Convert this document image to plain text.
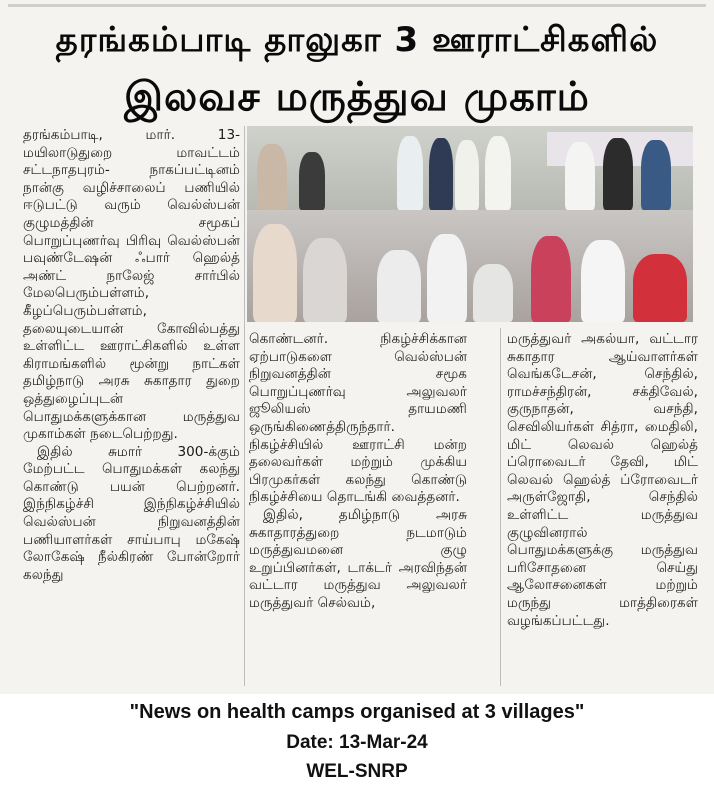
தரங்கம்பாடி தாலுகா 3 ஊராட்சிகளில்
இலவச மருத்துவ முகாம்

தரங்கம்பாடி, மார். 13- மயிலாடுதுறை மாவட்டம் சட்டநாதபுரம்- நாகப்பட்டினம் நான்கு வழிச்சாலைப் பணியில் ஈடுபட்டு வரும் வெல்ஸ்பன் குழுமத்தின் சமூகப் பொறுப்புணர்வு பிரிவு வெல்ஸ்பன் பவுண்டேஷன் ஃபார் ஹெல்த் அண்ட் நாலேஜ் சார்பில் மேலபெரும்பள்ளம், கீழப்பெரும்பள்ளம், தலையுடையான் கோவில்பத்து உள்ளிட்ட ஊராட்சிகளில் உள்ள கிராமங்களில் மூன்று நாட்கள் தமிழ்நாடு அரசு சுகாதார துறை ஒத்துழைப்புடன் பொதுமக்களுக்கான மருத்துவ முகாம்கள் நடைபெற்றது.

இதில் சுமார் 300-க்கும் மேற்பட்ட பொதுமக்கள் கலந்து கொண்டு பயன் பெற்றனர். இந்நிகழ்ச்சி இந்நிகழ்ச்சியில் வெல்ஸ்பன் நிறுவனத்தின் பணியாளர்கள் சாய்பாபு மகேஷ் லோகேஷ் நீல்கிரண் போன்றோர் கலந்து

கொண்டனர். நிகழ்ச்சிக்கான ஏற்பாடுகளை வெல்ஸ்பன் நிறுவனத்தின் சமூக பொறுப்புணர்வு அலுவலர் ஜூலியஸ் தாயமணி ஒருங்கிணைத்திருந்தார். நிகழ்ச்சியில் ஊராட்சி மன்ற தலைவர்கள் மற்றும் முக்கிய பிரமுகர்கள் கலந்து கொண்டு நிகழ்ச்சியை தொடங்கி வைத்தனர்.

இதில், தமிழ்நாடு அரசு சுகாதாரத்துறை நடமாடும் மருத்துவமனை குழு உறுப்பினர்கள், டாக்டர் அரவிந்தன் வட்டார மருத்துவ அலுவலர் மருத்துவர் செல்வம்,

மருத்துவர் அகல்யா, வட்டார சுகாதார ஆய்வாளர்கள் வெங்கடேசன், செந்தில், ராமச்சந்திரன், சக்திவேல், குருநாதன், வசந்தி, செவிலியர்கள் சித்ரா, மைதிலி, மிட் லெவல் ஹெல்த் ப்ரொவைடர் தேவி, மிட் லெவல் ஹெல்த் ப்ரோவைடர் அருள்ஜோதி, செந்தில் உள்ளிட்ட மருத்துவ குழுவினரால் பொதுமக்களுக்கு மருத்துவ பரிசோதனை செய்து ஆலோசனைகள் மற்றும் மருந்து மாத்திரைகள் வழங்கப்பட்டது.

"News on health camps organised at 3 villages"
Date: 13-Mar-24
WEL-SNRP
